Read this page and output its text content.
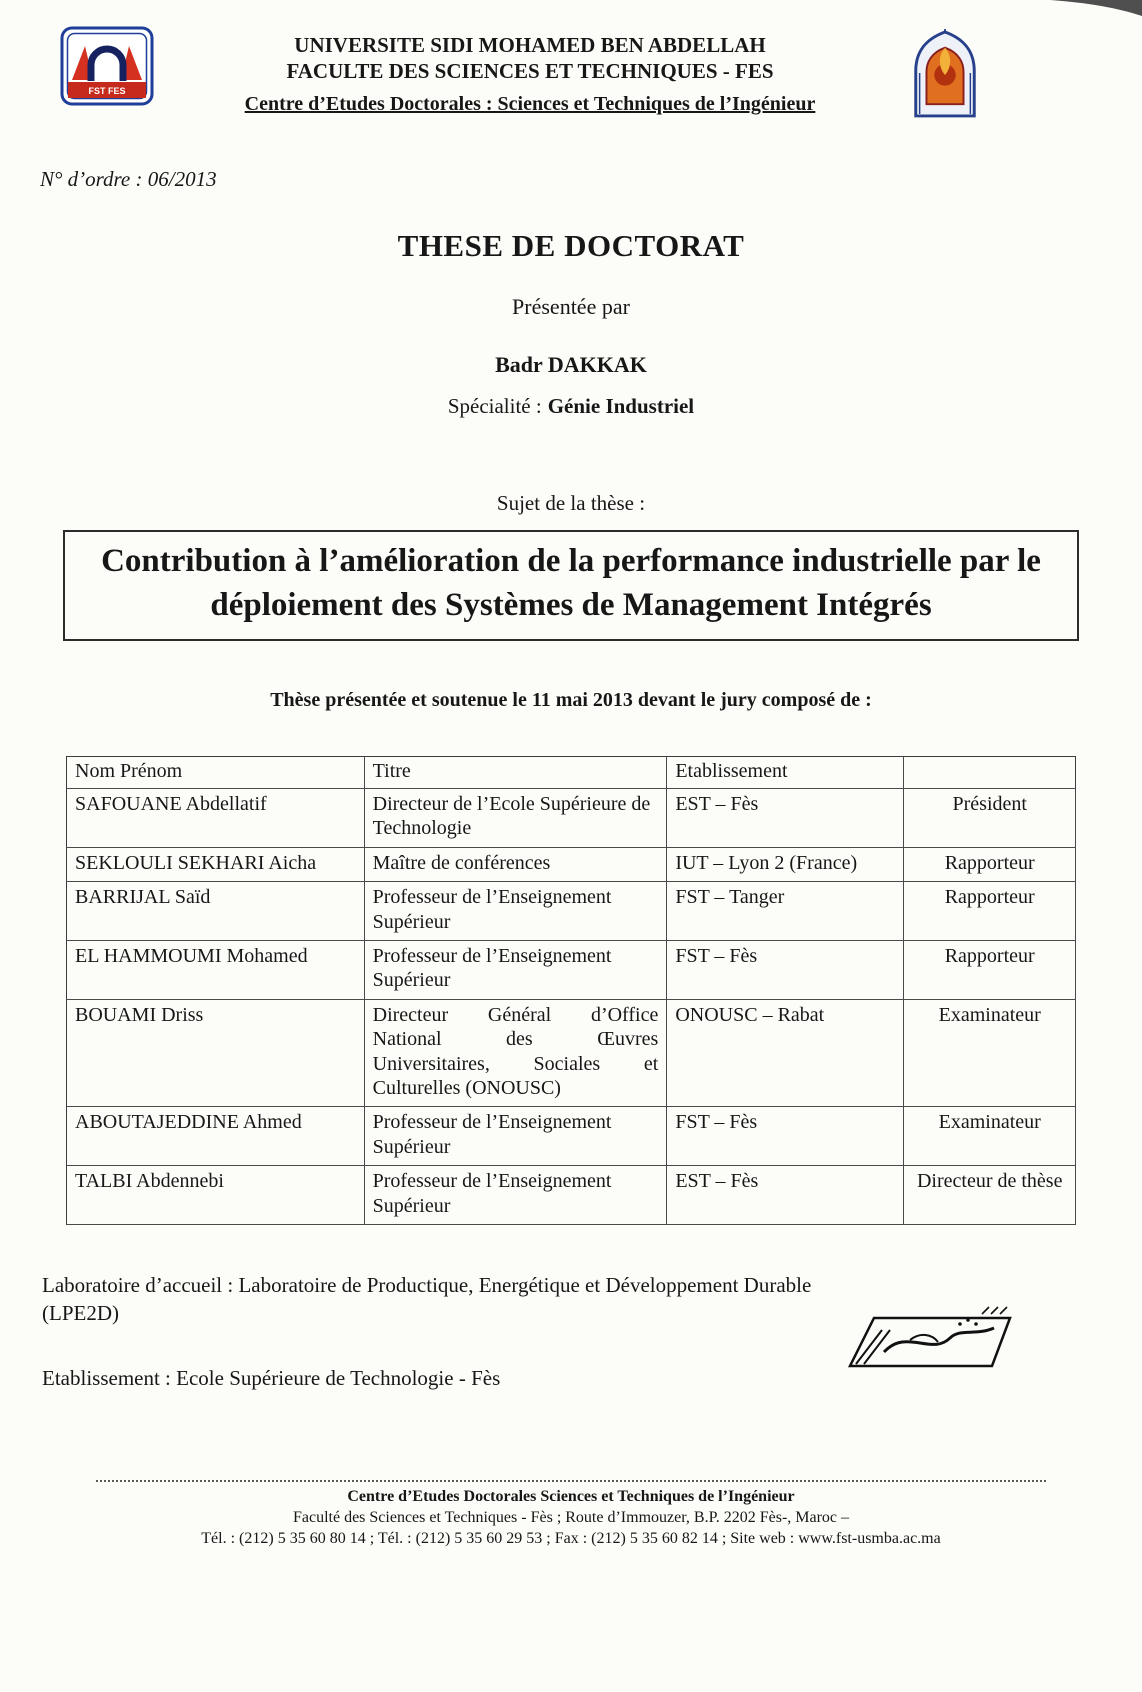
FST FES
UNIVERSITE SIDI MOHAMED BEN ABDELLAH
FACULTE DES SCIENCES ET TECHNIQUES - FES
Centre d’Etudes Doctorales : Sciences et Techniques de l’Ingénieur
N° d’ordre : 06/2013
THESE DE DOCTORAT
Présentée par
Badr DAKKAK
Spécialité : Génie Industriel
Sujet de la thèse :
Contribution à l’amélioration de la performance industrielle par le déploiement des Systèmes de Management Intégrés
Thèse présentée et soutenue le 11 mai 2013 devant le jury composé de :
Nom Prénom	Titre	Etablissement	
SAFOUANE Abdellatif	Directeur de l’Ecole Supérieure de Technologie	EST – Fès	Président
SEKLOULI SEKHARI Aicha	Maître de conférences	IUT – Lyon 2 (France)	Rapporteur
BARRIJAL Saïd	Professeur de l’Enseignement Supérieur	FST – Tanger	Rapporteur
EL HAMMOUMI Mohamed	Professeur de l’Enseignement Supérieur	FST – Fès	Rapporteur
BOUAMI Driss	Directeur Général d’Office National des Œuvres Universitaires, Sociales et Culturelles (ONOUSC)	ONOUSC – Rabat	Examinateur
ABOUTAJEDDINE Ahmed	Professeur de l’Enseignement Supérieur	FST – Fès	Examinateur
TALBI Abdennebi	Professeur de l’Enseignement Supérieur	EST – Fès	Directeur de thèse
Laboratoire d’accueil : Laboratoire de Productique, Energétique et Développement Durable (LPE2D)
Etablissement : Ecole Supérieure de Technologie - Fès
Centre d’Etudes Doctorales Sciences et Techniques de l’Ingénieur
Faculté des Sciences et Techniques - Fès ; Route d’Immouzer, B.P. 2202 Fès-, Maroc –
Tél. : (212) 5 35 60 80 14 ; Tél. : (212) 5 35 60 29 53 ; Fax : (212) 5 35 60 82 14 ; Site web : www.fst-usmba.ac.ma
